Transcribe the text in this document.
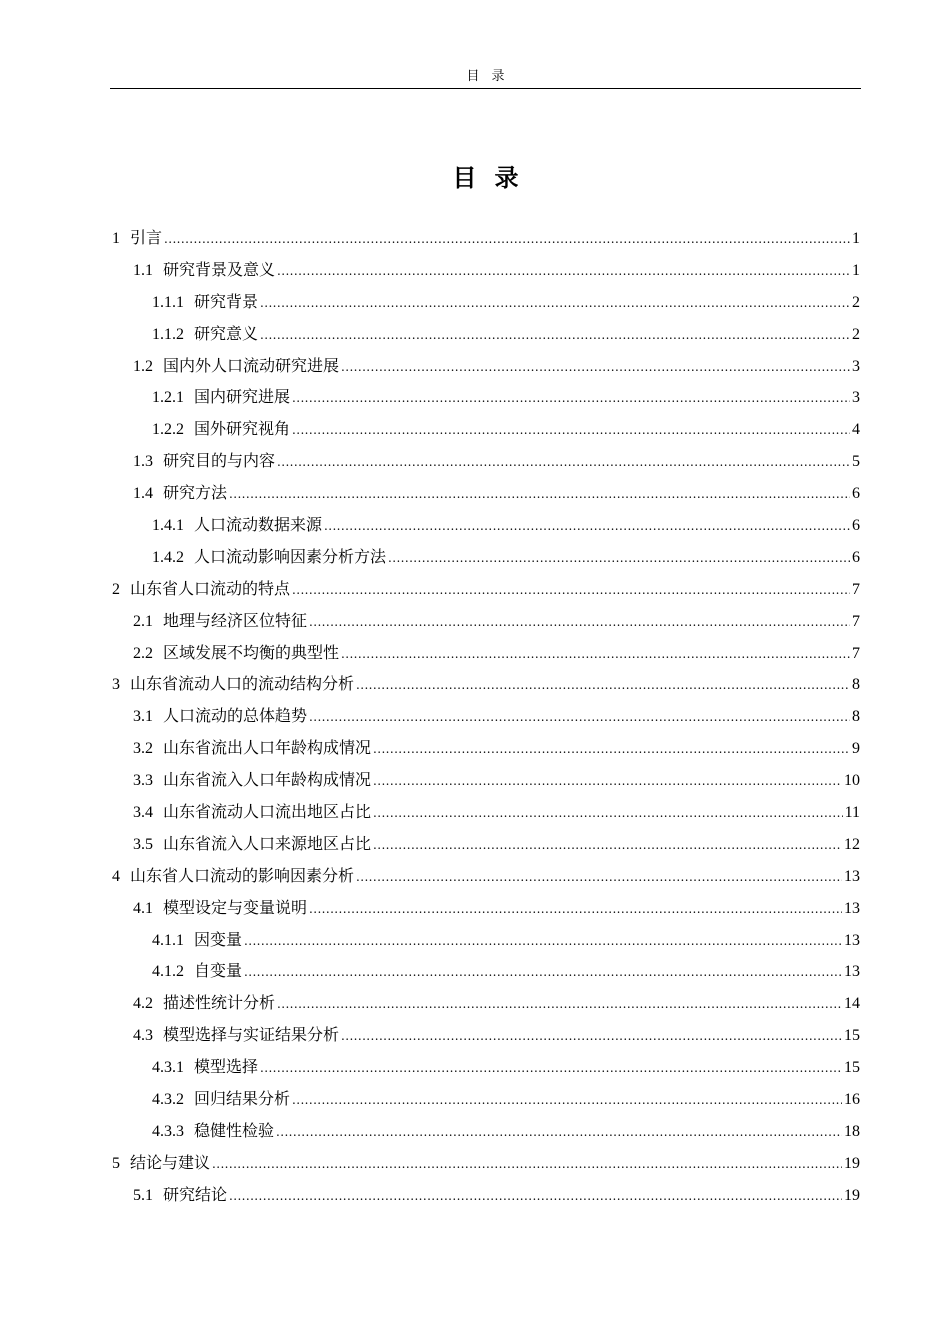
目录
目录
1 引言 .....	1
1.1 研究背景及意义 .....	1
1.1.1 研究背景 .....	2
1.1.2 研究意义 .....	2
1.2 国内外人口流动研究进展 .....	3
1.2.1 国内研究进展 .....	3
1.2.2 国外研究视角 .....	4
1.3 研究目的与内容 .....	5
1.4 研究方法 .....	6
1.4.1 人口流动数据来源 .....	6
1.4.2 人口流动影响因素分析方法 .....	6
2 山东省人口流动的特点 .....	7
2.1 地理与经济区位特征 .....	7
2.2 区域发展不均衡的典型性 .....	7
3 山东省流动人口的流动结构分析 .....	8
3.1 人口流动的总体趋势 .....	8
3.2 山东省流出人口年龄构成情况 .....	9
3.3 山东省流入人口年龄构成情况 .....	10
3.4 山东省流动人口流出地区占比 .....	11
3.5 山东省流入人口来源地区占比 .....	12
4 山东省人口流动的影响因素分析 .....	13
4.1 模型设定与变量说明 .....	13
4.1.1 因变量 .....	13
4.1.2 自变量 .....	13
4.2 描述性统计分析 .....	14
4.3 模型选择与实证结果分析 .....	15
4.3.1 模型选择 .....	15
4.3.2 回归结果分析 .....	16
4.3.3 稳健性检验 .....	18
5 结论与建议 .....	19
5.1 研究结论 .....	19
